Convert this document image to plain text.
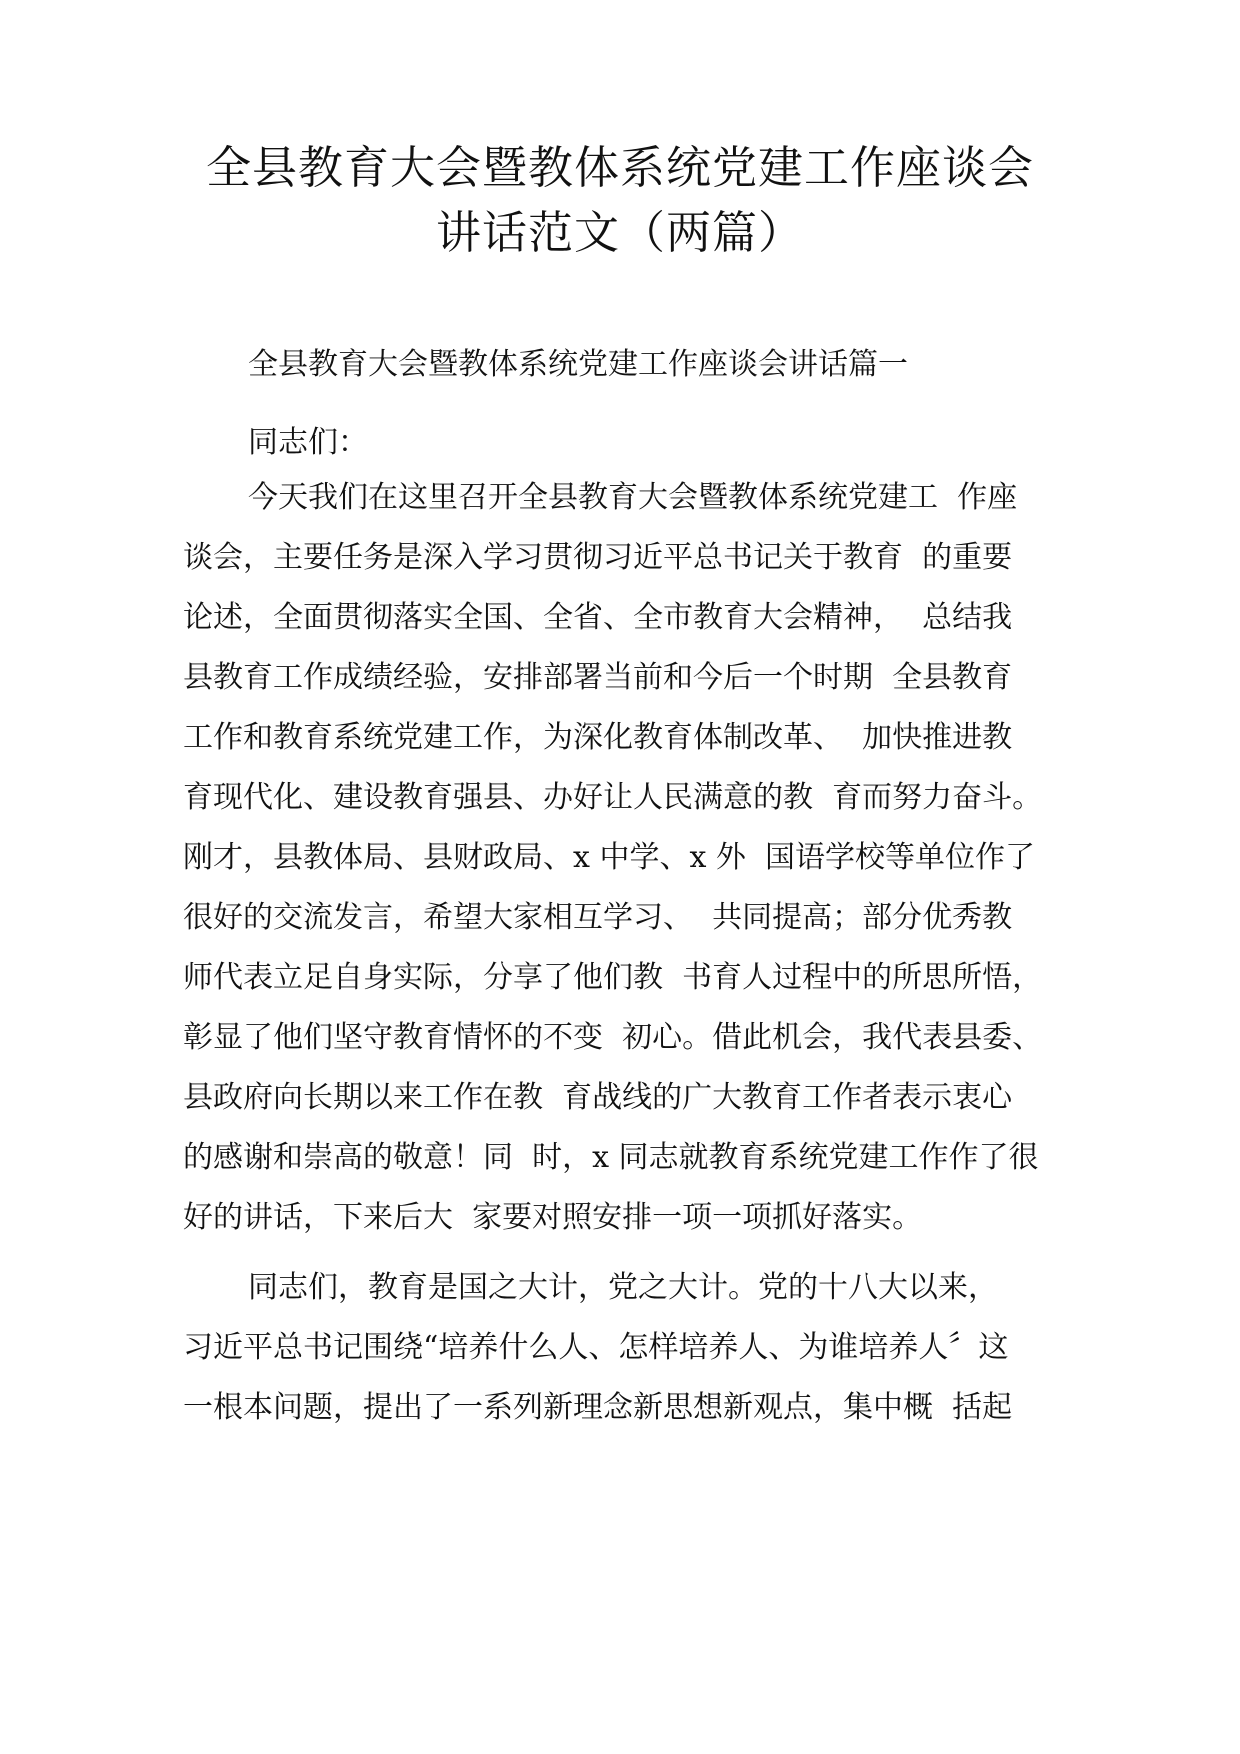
全县教育大会暨教体系统党建工作座谈会
讲话范文（两篇）
全县教育大会暨教体系统党建工作座谈会讲话篇一
同志们：
今天我们在这里召开全县教育大会暨教体系统党建工  作座
谈会，主要任务是深入学习贯彻习近平总书记关于教育  的重要
论述，全面贯彻落实全国、全省、全市教育大会精神，  总结我
县教育工作成绩经验，安排部署当前和今后一个时期  全县教育
工作和教育系统党建工作，为深化教育体制改革、  加快推进教
育现代化、建设教育强县、办好让人民满意的教  育而努力奋斗。
刚才，县教体局、县财政局、x 中学、x 外  国语学校等单位作了
很好的交流发言，希望大家相互学习、  共同提高；部分优秀教
师代表立足自身实际，分享了他们教  书育人过程中的所思所悟，
彰显了他们坚守教育情怀的不变  初心。借此机会，我代表县委、
县政府向长期以来工作在教  育战线的广大教育工作者表示衷心
的感谢和崇高的敬意！同  时，x 同志就教育系统党建工作作了很
好的讲话，下来后大  家要对照安排一项一项抓好落实。
同志们，教育是国之大计，党之大计。党的十八大以来，
习近平总书记围绕“培养什么人、怎样培养人、为谁培养人〞这
一根本问题，提出了一系列新理念新思想新观点，集中概  括起
